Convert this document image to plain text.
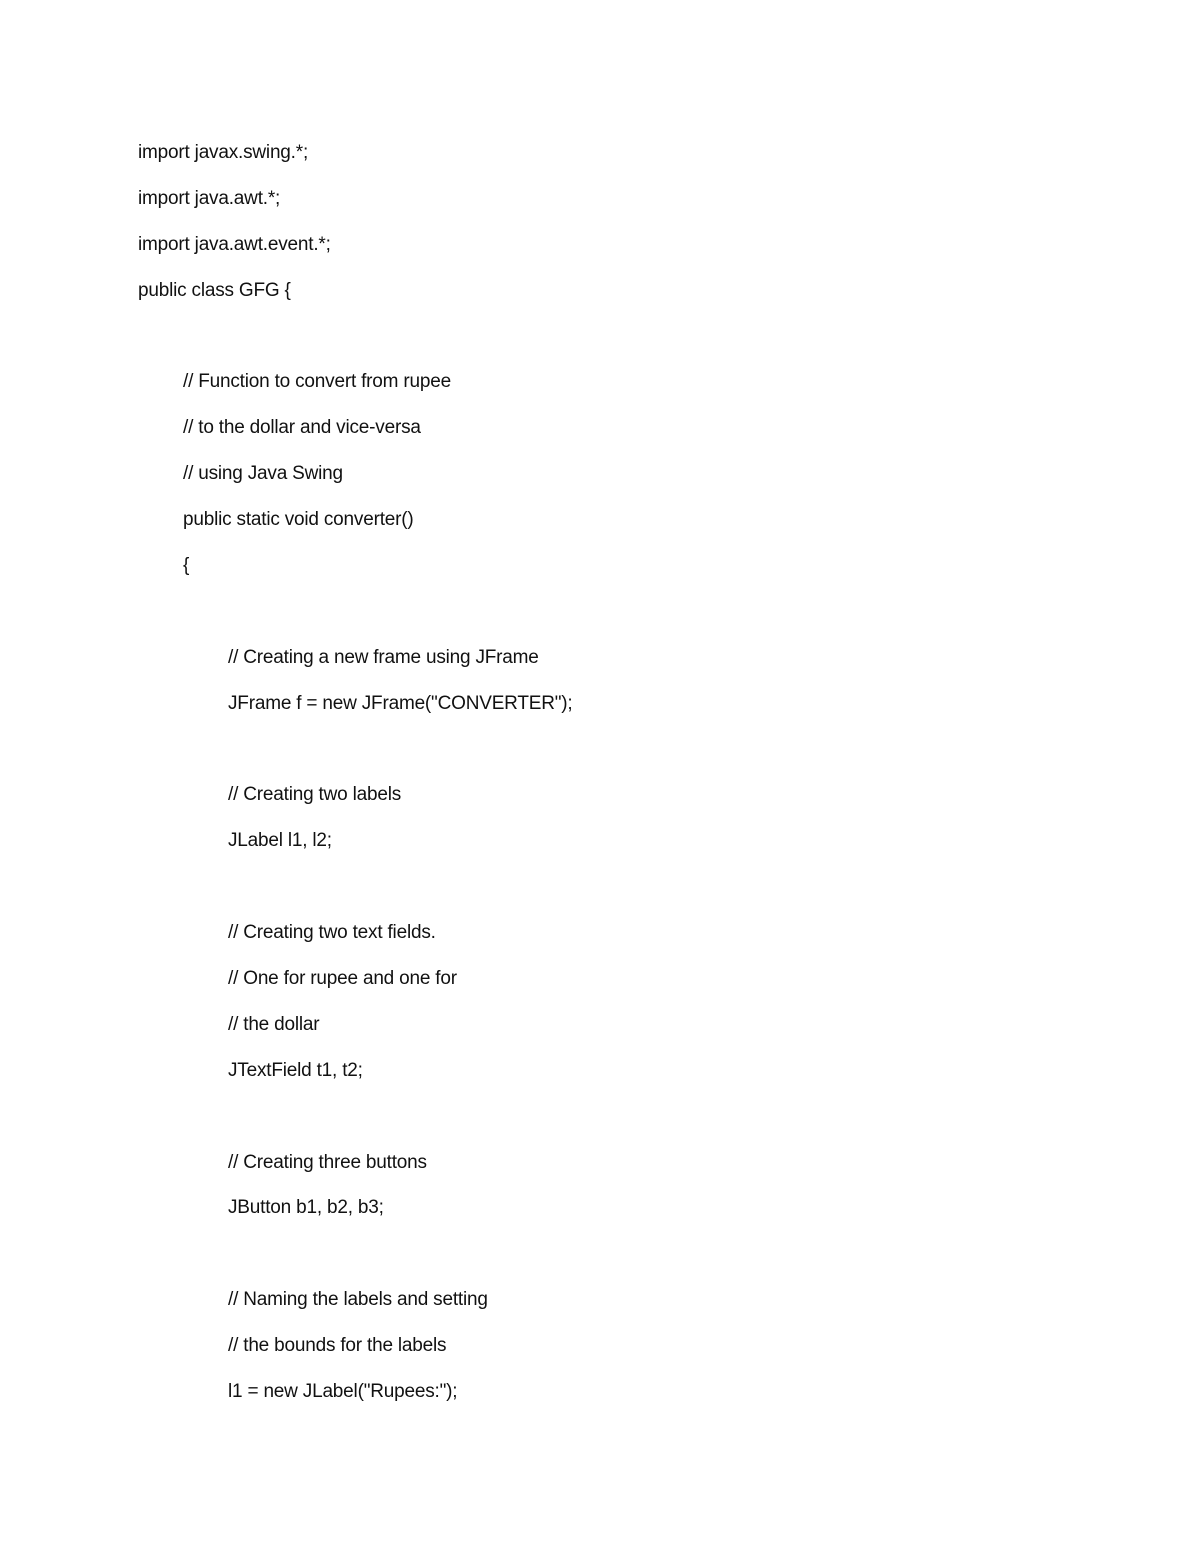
import javax.swing.*;
import java.awt.*;
import java.awt.event.*;
public class GFG {
// Function to convert from rupee
// to the dollar and vice-versa
// using Java Swing
public static void converter()
{
// Creating a new frame using JFrame
JFrame f = new JFrame("CONVERTER");
// Creating two labels
JLabel l1, l2;
// Creating two text fields.
// One for rupee and one for
// the dollar
JTextField t1, t2;
// Creating three buttons
JButton b1, b2, b3;
// Naming the labels and setting
// the bounds for the labels
l1 = new JLabel("Rupees:");
